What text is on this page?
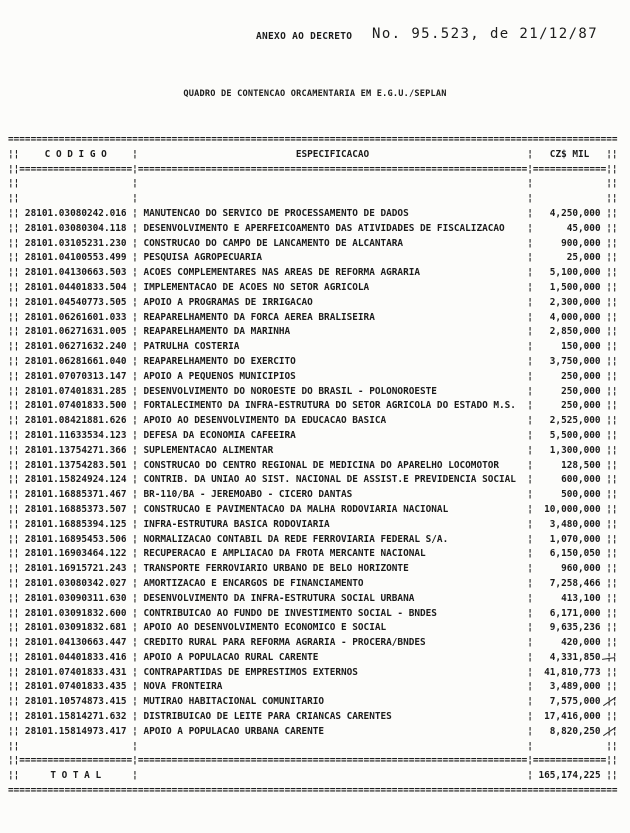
ANEXO AO DECRETO No. 95.523, de 21/12/87
QUADRO DE CONTENCAO ORCAMENTARIA EM E.G.U./SEPLAN
============================================================================================================
¦¦	C O D I G O	¦	ESPECIFICACAO	¦	CZ$ MIL	¦¦
¦¦ ==================== ¦ ===================================================================== ¦ ============= ¦¦
¦¦	¦	¦	¦¦
¦¦	¦	¦	¦¦
¦¦ 28101.03080242.016 ¦ MANUTENCAO DO SERVICO DE PROCESSAMENTO DE DADOS	¦	4,250,000 ¦¦
¦¦ 28101.03080304.118 ¦ DESENVOLVIMENTO E APERFEICOAMENTO DAS ATIVIDADES DE FISCALIZACAO	¦	45,000 ¦¦
¦¦ 28101.03105231.230 ¦ CONSTRUCAO DO CAMPO DE LANCAMENTO DE ALCANTARA	¦	900,000 ¦¦
¦¦ 28101.04100553.499 ¦ PESQUISA AGROPECUARIA	¦	25,000 ¦¦
¦¦ 28101.04130663.503 ¦ ACOES COMPLEMENTARES NAS AREAS DE REFORMA AGRARIA	¦	5,100,000 ¦¦
¦¦ 28101.04401833.504 ¦ IMPLEMENTACAO DE ACOES NO SETOR AGRICOLA	¦	1,500,000 ¦¦
¦¦ 28101.04540773.505 ¦ APOIO A PROGRAMAS DE IRRIGACAO	¦	2,300,000 ¦¦
¦¦ 28101.06261601.033 ¦ REAPARELHAMENTO DA FORCA AEREA BRALISEIRA	¦	4,000,000 ¦¦
¦¦ 28101.06271631.005 ¦ REAPARELHAMENTO DA MARINHA	¦	2,850,000 ¦¦
¦¦ 28101.06271632.240 ¦ PATRULHA COSTERIA	¦	150,000 ¦¦
¦¦ 28101.06281661.040 ¦ REAPARELHAMENTO DO EXERCITO	¦	3,750,000 ¦¦
¦¦ 28101.07070313.147 ¦ APOIO A PEQUENOS MUNICIPIOS	¦	250,000 ¦¦
¦¦ 28101.07401831.285 ¦ DESENVOLVIMENTO DO NOROESTE DO BRASIL - POLONOROESTE	¦	250,000 ¦¦
¦¦ 28101.07401833.500 ¦ FORTALECIMENTO DA INFRA-ESTRUTURA DO SETOR AGRICOLA DO ESTADO M.S.	¦	250,000 ¦¦
¦¦ 28101.08421881.626 ¦ APOIO AO DESENVOLVIMENTO DA EDUCACAO BASICA	¦	2,525,000 ¦¦
¦¦ 28101.11633534.123 ¦ DEFESA DA ECONOMIA CAFEEIRA	¦	5,500,000 ¦¦
¦¦ 28101.13754271.366 ¦ SUPLEMENTACAO ALIMENTAR	¦	1,300,000 ¦¦
¦¦ 28101.13754283.501 ¦ CONSTRUCAO DO CENTRO REGIONAL DE MEDICINA DO APARELHO LOCOMOTOR	¦	128,500 ¦¦
¦¦ 28101.15824924.124 ¦ CONTRIB. DA UNIAO AO SIST. NACIONAL DE ASSIST.E PREVIDENCIA SOCIAL	¦	600,000 ¦¦
¦¦ 28101.16885371.467 ¦ BR-110/BA - JEREMOABO - CICERO DANTAS	¦	500,000 ¦¦
¦¦ 28101.16885373.507 ¦ CONSTRUCAO E PAVIMENTACAO DA MALHA RODOVIARIA NACIONAL	¦	10,000,000 ¦¦
¦¦ 28101.16885394.125 ¦ INFRA-ESTRUTURA BASICA RODOVIARIA	¦	3,480,000 ¦¦
¦¦ 28101.16895453.506 ¦ NORMALIZACAO CONTABIL DA REDE FERROVIARIA FEDERAL S/A.	¦	1,070,000 ¦¦
¦¦ 28101.16903464.122 ¦ RECUPERACAO E AMPLIACAO DA FROTA MERCANTE NACIONAL	¦	6,150,050 ¦¦
¦¦ 28101.16915721.243 ¦ TRANSPORTE FERROVIARIO URBANO DE BELO HORIZONTE	¦	960,000 ¦¦
¦¦ 28101.03080342.027 ¦ AMORTIZACAO E ENCARGOS DE FINANCIAMENTO	¦	7,258,466 ¦¦
¦¦ 28101.03090311.630 ¦ DESENVOLVIMENTO DA INFRA-ESTRUTURA SOCIAL URBANA	¦	413,100 ¦¦
¦¦ 28101.03091832.600 ¦ CONTRIBUICAO AO FUNDO DE INVESTIMENTO SOCIAL - BNDES	¦	6,171,000 ¦¦
¦¦ 28101.03091832.681 ¦ APOIO AO DESENVOLVIMENTO ECONOMICO E SOCIAL	¦	9,635,236 ¦¦
¦¦ 28101.04130663.447 ¦ CREDITO RURAL PARA REFORMA AGRARIA - PROCERA/BNDES	¦	420,000 ¦¦
¦¦ 28101.04401833.416 ¦ APOIO A POPULACAO RURAL CARENTE	¦	4,331,850 ¦¦
¦¦ 28101.07401833.431 ¦ CONTRAPARTIDAS DE EMPRESTIMOS EXTERNOS	¦	41,810,773 ¦¦
¦¦ 28101.07401833.435 ¦ NOVA FRONTEIRA	¦	3,489,000 ¦¦
¦¦ 28101.10574873.415 ¦ MUTIRAO HABITACIONAL COMUNITARIO	¦	7,575,000 ¦¦
¦¦ 28101.15814271.632 ¦ DISTRIBUICAO DE LEITE PARA CRIANCAS CARENTES	¦	17,416,000 ¦¦
¦¦ 28101.15814973.417 ¦ APOIO A POPULACAO URBANA CARENTE	¦	8,820,250 ¦¦
¦¦	¦	¦	¦¦
¦¦ ==================== ¦ ===================================================================== ¦ ============= ¦¦
¦¦	T O T A L	¦	¦ 165,174,225 ¦¦
============================================================================================================
